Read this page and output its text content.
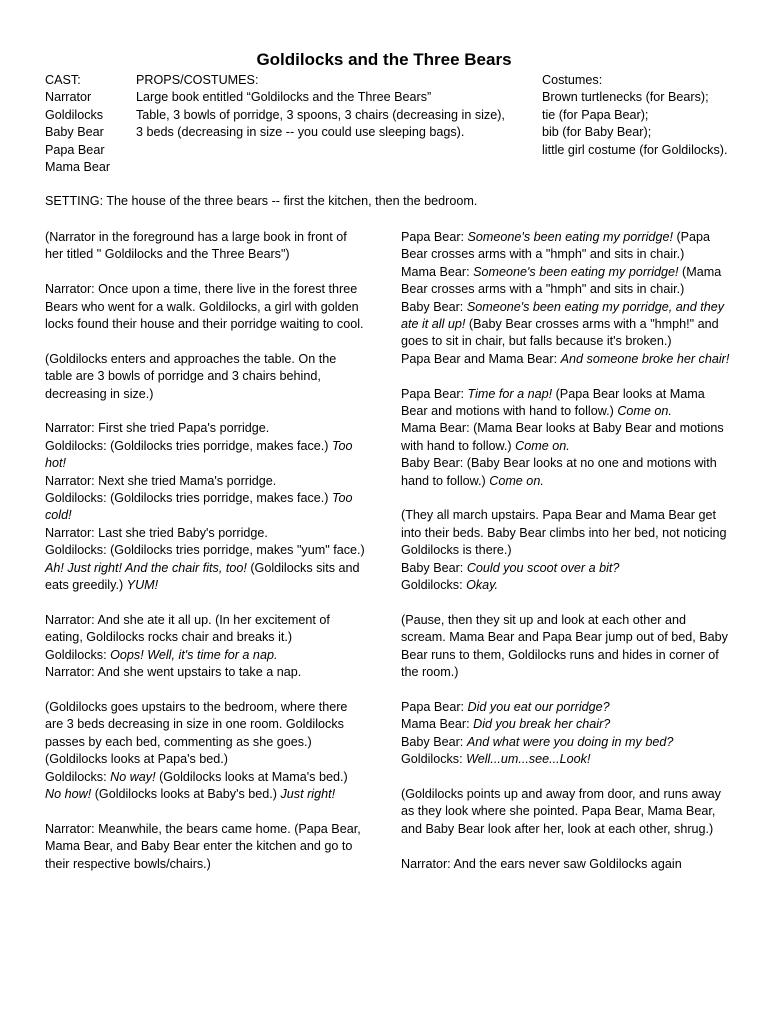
Goldilocks and the Three Bears
CAST:
Narrator
Goldilocks
Baby Bear
Papa Bear
Mama Bear
PROPS/COSTUMES:
Large book entitled “Goldilocks and the Three Bears”
Table, 3 bowls of porridge, 3 spoons, 3 chairs (decreasing in size),
3 beds (decreasing in size -- you could use sleeping bags).
Costumes:
Brown turtlenecks (for Bears);
tie (for Papa Bear);
bib (for Baby Bear);
little girl costume (for Goldilocks).
SETTING: The house of the three bears -- first the kitchen, then the bedroom.
(Narrator in the foreground has a large book in front of her titled " Goldilocks and the Three Bears")
Narrator: Once upon a time, there live in the forest three Bears who went for a walk. Goldilocks, a girl with golden locks found their house and their porridge waiting to cool.
(Goldilocks enters and approaches the table. On the table are 3 bowls of porridge and 3 chairs behind, decreasing in size.)
Narrator: First she tried Papa's porridge.
Goldilocks: (Goldilocks tries porridge, makes face.) Too hot!
Narrator: Next she tried Mama's porridge.
Goldilocks: (Goldilocks tries porridge, makes face.) Too cold!
Narrator: Last she tried Baby's porridge.
Goldilocks: (Goldilocks tries porridge, makes "yum" face.) Ah! Just right! And the chair fits, too! (Goldilocks sits and eats greedily.) YUM!
Narrator: And she ate it all up. (In her excitement of eating, Goldilocks rocks chair and breaks it.)
Goldilocks: Oops! Well, it's time for a nap.
Narrator: And she went upstairs to take a nap.
(Goldilocks goes upstairs to the bedroom, where there are 3 beds decreasing in size in one room. Goldilocks passes by each bed, commenting as she goes.)
(Goldilocks looks at Papa's bed.)
Goldilocks: No way! (Goldilocks looks at Mama's bed.) No how! (Goldilocks looks at Baby's bed.) Just right!
Narrator: Meanwhile, the bears came home. (Papa Bear, Mama Bear, and Baby Bear enter the kitchen and go to their respective bowls/chairs.)
Papa Bear: Someone's been eating my porridge! (Papa Bear crosses arms with a "hmph" and sits in chair.)
Mama Bear: Someone's been eating my porridge! (Mama Bear crosses arms with a "hmph" and sits in chair.)
Baby Bear: Someone's been eating my porridge, and they ate it all up! (Baby Bear crosses arms with a "hmph!" and goes to sit in chair, but falls because it's broken.)
Papa Bear and Mama Bear: And someone broke her chair!
Papa Bear: Time for a nap! (Papa Bear looks at Mama Bear and motions with hand to follow.) Come on.
Mama Bear: (Mama Bear looks at Baby Bear and motions with hand to follow.) Come on.
Baby Bear: (Baby Bear looks at no one and motions with hand to follow.) Come on.
(They all march upstairs. Papa Bear and Mama Bear get into their beds. Baby Bear climbs into her bed, not noticing Goldilocks is there.)
Baby Bear: Could you scoot over a bit?
Goldilocks: Okay.
(Pause, then they sit up and look at each other and scream. Mama Bear and Papa Bear jump out of bed, Baby Bear runs to them, Goldilocks runs and hides in corner of the room.)
Papa Bear: Did you eat our porridge?
Mama Bear: Did you break her chair?
Baby Bear: And what were you doing in my bed?
Goldilocks: Well...um...see...Look!
(Goldilocks points up and away from door, and runs away as they look where she pointed. Papa Bear, Mama Bear, and Baby Bear look after her, look at each other, shrug.)
Narrator: And the ears never saw Goldilocks again
